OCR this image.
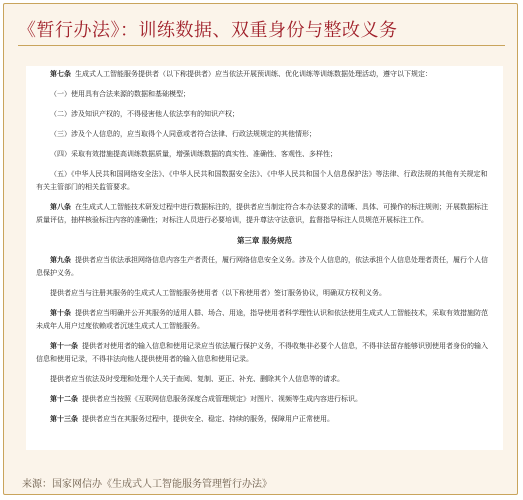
《暂行办法》：训练数据、双重身份与整改义务

第七条 生成式人工智能服务提供者（以下称提供者）应当依法开展预训练、优化训练等训练数据处理活动，遵守以下规定：

（一）使用具有合法来源的数据和基础模型；

（二）涉及知识产权的，不得侵害他人依法享有的知识产权；

（三）涉及个人信息的，应当取得个人同意或者符合法律、行政法规规定的其他情形；

（四）采取有效措施提高训练数据质量，增强训练数据的真实性、准确性、客观性、多样性；

（五）《中华人民共和国网络安全法》、《中华人民共和国数据安全法》、《中华人民共和国个人信息保护法》等法律、行政法规的其他有关规定和有关主管部门的相关监管要求。

第八条 在生成式人工智能技术研发过程中进行数据标注的，提供者应当制定符合本办法要求的清晰、具体、可操作的标注规则；开展数据标注质量评估，抽样核验标注内容的准确性；对标注人员进行必要培训，提升尊法守法意识，监督指导标注人员规范开展标注工作。

第三章 服务规范

第九条 提供者应当依法承担网络信息内容生产者责任，履行网络信息安全义务。涉及个人信息的，依法承担个人信息处理者责任，履行个人信息保护义务。

提供者应当与注册其服务的生成式人工智能服务使用者（以下称使用者）签订服务协议，明确双方权利义务。

第十条 提供者应当明确并公开其服务的适用人群、场合、用途，指导使用者科学理性认识和依法使用生成式人工智能技术，采取有效措施防范未成年人用户过度依赖或者沉迷生成式人工智能服务。

第十一条 提供者对使用者的输入信息和使用记录应当依法履行保护义务，不得收集非必要个人信息，不得非法留存能够识别使用者身份的输入信息和使用记录，不得非法向他人提供使用者的输入信息和使用记录。

提供者应当依法及时受理和处理个人关于查阅、复制、更正、补充、删除其个人信息等的请求。

第十二条 提供者应当按照《互联网信息服务深度合成管理规定》对图片、视频等生成内容进行标识。

第十三条 提供者应当在其服务过程中，提供安全、稳定、持续的服务，保障用户正常使用。

来源：国家网信办《生成式人工智能服务管理暂行办法》
